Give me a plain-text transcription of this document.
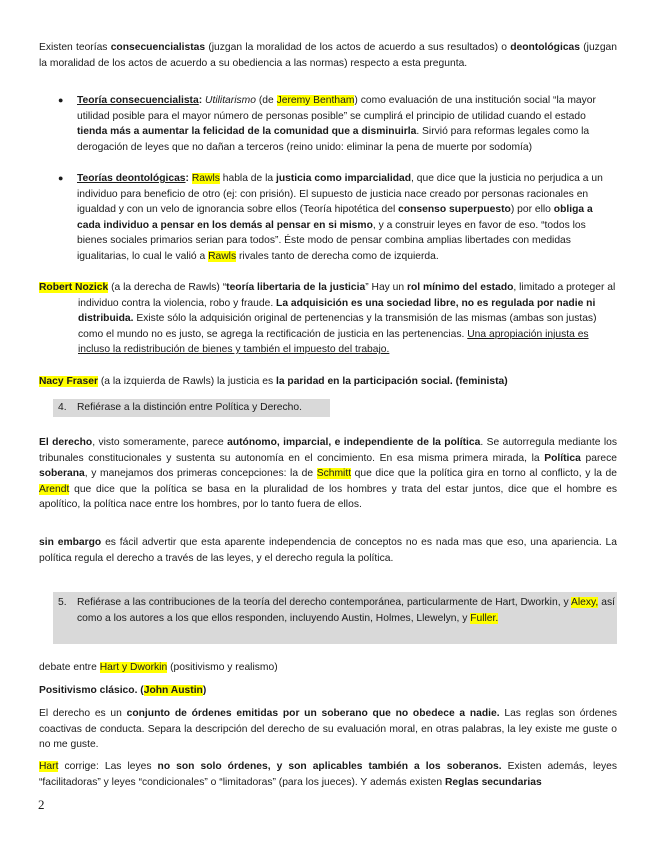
Existen teorías consecuencialistas (juzgan la moralidad de los actos de acuerdo a sus resultados) o deontológicas (juzgan la moralidad de los actos de acuerdo a su obediencia a las normas) respecto a esta pregunta.

● Teoría consecuencialista: Utilitarismo (de Jeremy Bentham) como evaluación de una institución social “la mayor utilidad posible para el mayor número de personas posible” se cumplirá el principio de utilidad cuando el estado tienda más a aumentar la felicidad de la comunidad que a disminuirla. Sirvió para reformas legales como la derogación de leyes que no dañan a terceros (reino unido: eliminar la pena de muerte por sodomía)

● Teorías deontológicas: Rawls habla de la justicia como imparcialidad, que dice que la justicia no perjudica a un individuo para beneficio de otro (ej: con prisión). El supuesto de justicia nace creado por personas racionales en igualdad y con un velo de ignorancia sobre ellos (Teoría hipotética del consenso superpuesto) por ello obliga a cada individuo a pensar en los demás al pensar en si mismo, y a construir leyes en favor de eso. “todos los bienes sociales primarios serian para todos”. Éste modo de pensar combina amplias libertades con medidas igualitarias, lo cual le valió a Rawls rivales tanto de derecha como de izquierda.

Robert Nozick (a la derecha de Rawls) “teoría libertaria de la justicia” Hay un rol mínimo del estado, limitado a proteger al individuo contra la violencia, robo y fraude. La adquisición es una sociedad libre, no es regulada por nadie ni distribuida. Existe sólo la adquisición original de pertenencias y la transmisión de las mismas (ambas son justas) como el mundo no es justo, se agrega la rectificación de justicia en las pertenencias. Una apropiación injusta es incluso la redistribución de bienes y también el impuesto del trabajo.

Nacy Fraser (a la izquierda de Rawls) la justicia es la paridad en la participación social. (feminista)

4. Refiérase a la distinción entre Política y Derecho.

El derecho, visto someramente, parece autónomo, imparcial, e independiente de la política. Se autorregula mediante los tribunales constitucionales y sustenta su autonomía en el concimiento. En esa misma primera mirada, la Política parece soberana, y manejamos dos primeras concepciones: la de Schmitt que dice que la política gira en torno al conflicto, y la de Arendt que dice que la política se basa en la pluralidad de los hombres y trata del estar juntos, dice que el hombre es apolítico, la política nace entre los hombres, por lo tanto fuera de ellos.

sin embargo es fácil advertir que esta aparente independencia de conceptos no es nada mas que eso, una apariencia. La política regula el derecho a través de las leyes, y el derecho regula la política.

5. Refiérase a las contribuciones de la teoría del derecho contemporánea, particularmente de Hart, Dworkin, y Alexy, así como a los autores a los que ellos responden, incluyendo Austin, Holmes, Llewelyn, y Fuller.

debate entre Hart y Dworkin (positivismo y realismo)

Positivismo clásico. (John Austin)

El derecho es un conjunto de órdenes emitidas por un soberano que no obedece a nadie. Las reglas son órdenes coactivas de conducta. Separa la descripción del derecho de su evaluación moral, en otras palabras, la ley existe me guste o no me guste.

Hart corrige: Las leyes no son solo órdenes, y son aplicables también a los soberanos. Existen además, leyes “facilitadoras” y leyes “condicionales” o “limitadoras” (para los jueces). Y además existen Reglas secundarias

2
